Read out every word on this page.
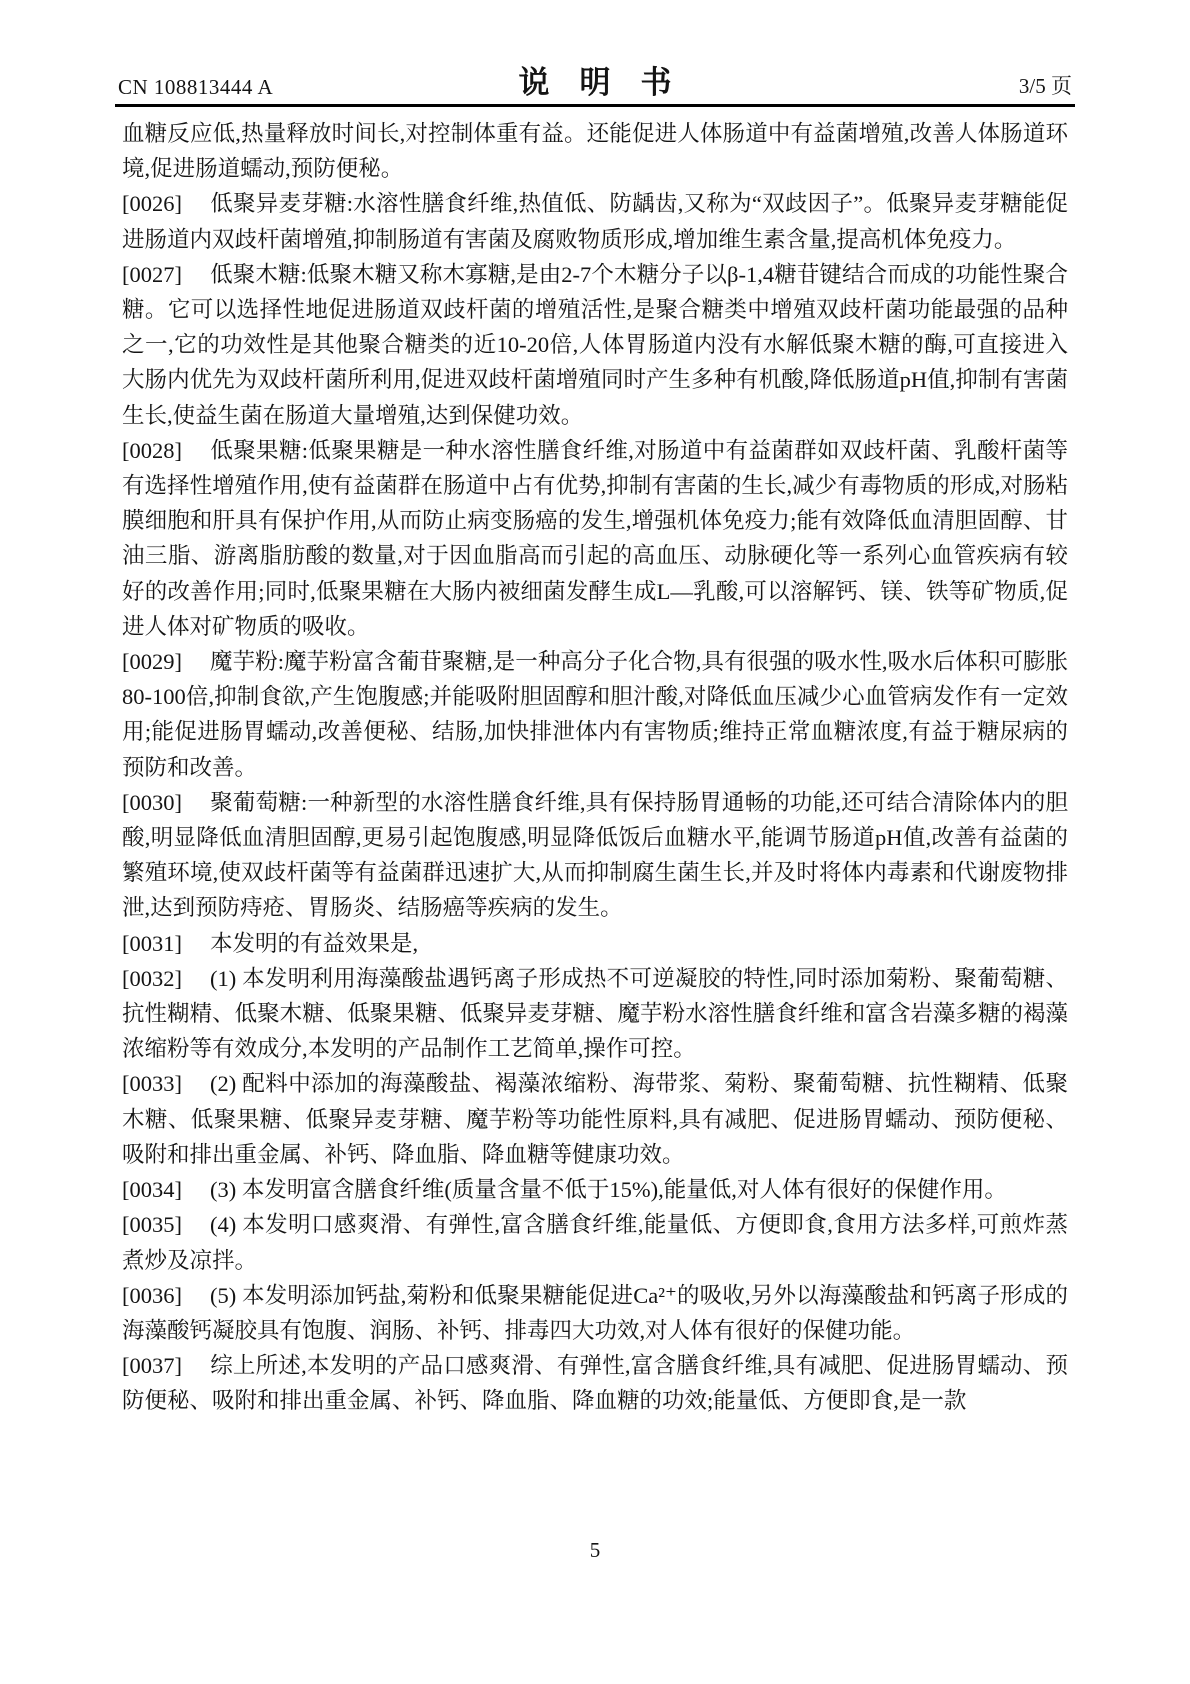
CN 108813444 A	说明书	3/5 页

血糖反应低,热量释放时间长,对控制体重有益。还能促进人体肠道中有益菌增殖,改善人体肠道环境,促进肠道蠕动,预防便秘。

[0026] 低聚异麦芽糖:水溶性膳食纤维,热值低、防龋齿,又称为“双歧因子”。低聚异麦芽糖能促进肠道内双歧杆菌增殖,抑制肠道有害菌及腐败物质形成,增加维生素含量,提高机体免疫力。

[0027] 低聚木糖:低聚木糖又称木寡糖,是由2-7个木糖分子以β-1,4糖苷键结合而成的功能性聚合糖。它可以选择性地促进肠道双歧杆菌的增殖活性,是聚合糖类中增殖双歧杆菌功能最强的品种之一,它的功效性是其他聚合糖类的近10-20倍,人体胃肠道内没有水解低聚木糖的酶,可直接进入大肠内优先为双歧杆菌所利用,促进双歧杆菌增殖同时产生多种有机酸,降低肠道pH值,抑制有害菌生长,使益生菌在肠道大量增殖,达到保健功效。

[0028] 低聚果糖:低聚果糖是一种水溶性膳食纤维,对肠道中有益菌群如双歧杆菌、乳酸杆菌等有选择性增殖作用,使有益菌群在肠道中占有优势,抑制有害菌的生长,减少有毒物质的形成,对肠粘膜细胞和肝具有保护作用,从而防止病变肠癌的发生,增强机体免疫力;能有效降低血清胆固醇、甘油三脂、游离脂肪酸的数量,对于因血脂高而引起的高血压、动脉硬化等一系列心血管疾病有较好的改善作用;同时,低聚果糖在大肠内被细菌发酵生成L—乳酸,可以溶解钙、镁、铁等矿物质,促进人体对矿物质的吸收。

[0029] 魔芋粉:魔芋粉富含葡苷聚糖,是一种高分子化合物,具有很强的吸水性,吸水后体积可膨胀80-100倍,抑制食欲,产生饱腹感;并能吸附胆固醇和胆汁酸,对降低血压减少心血管病发作有一定效用;能促进肠胃蠕动,改善便秘、结肠,加快排泄体内有害物质;维持正常血糖浓度,有益于糖尿病的预防和改善。

[0030] 聚葡萄糖:一种新型的水溶性膳食纤维,具有保持肠胃通畅的功能,还可结合清除体内的胆酸,明显降低血清胆固醇,更易引起饱腹感,明显降低饭后血糖水平,能调节肠道pH值,改善有益菌的繁殖环境,使双歧杆菌等有益菌群迅速扩大,从而抑制腐生菌生长,并及时将体内毒素和代谢废物排泄,达到预防痔疮、胃肠炎、结肠癌等疾病的发生。

[0031] 本发明的有益效果是,

[0032] (1) 本发明利用海藻酸盐遇钙离子形成热不可逆凝胶的特性,同时添加菊粉、聚葡萄糖、抗性糊精、低聚木糖、低聚果糖、低聚异麦芽糖、魔芋粉水溶性膳食纤维和富含岩藻多糖的褐藻浓缩粉等有效成分,本发明的产品制作工艺简单,操作可控。

[0033] (2) 配料中添加的海藻酸盐、褐藻浓缩粉、海带浆、菊粉、聚葡萄糖、抗性糊精、低聚木糖、低聚果糖、低聚异麦芽糖、魔芋粉等功能性原料,具有减肥、促进肠胃蠕动、预防便秘、吸附和排出重金属、补钙、降血脂、降血糖等健康功效。

[0034] (3) 本发明富含膳食纤维(质量含量不低于15%),能量低,对人体有很好的保健作用。

[0035] (4) 本发明口感爽滑、有弹性,富含膳食纤维,能量低、方便即食,食用方法多样,可煎炸蒸煮炒及凉拌。

[0036] (5) 本发明添加钙盐,菊粉和低聚果糖能促进Ca²⁺的吸收,另外以海藻酸盐和钙离子形成的海藻酸钙凝胶具有饱腹、润肠、补钙、排毒四大功效,对人体有很好的保健功能。

[0037] 综上所述,本发明的产品口感爽滑、有弹性,富含膳食纤维,具有减肥、促进肠胃蠕动、预防便秘、吸附和排出重金属、补钙、降血脂、降血糖的功效;能量低、方便即食,是一款

5
